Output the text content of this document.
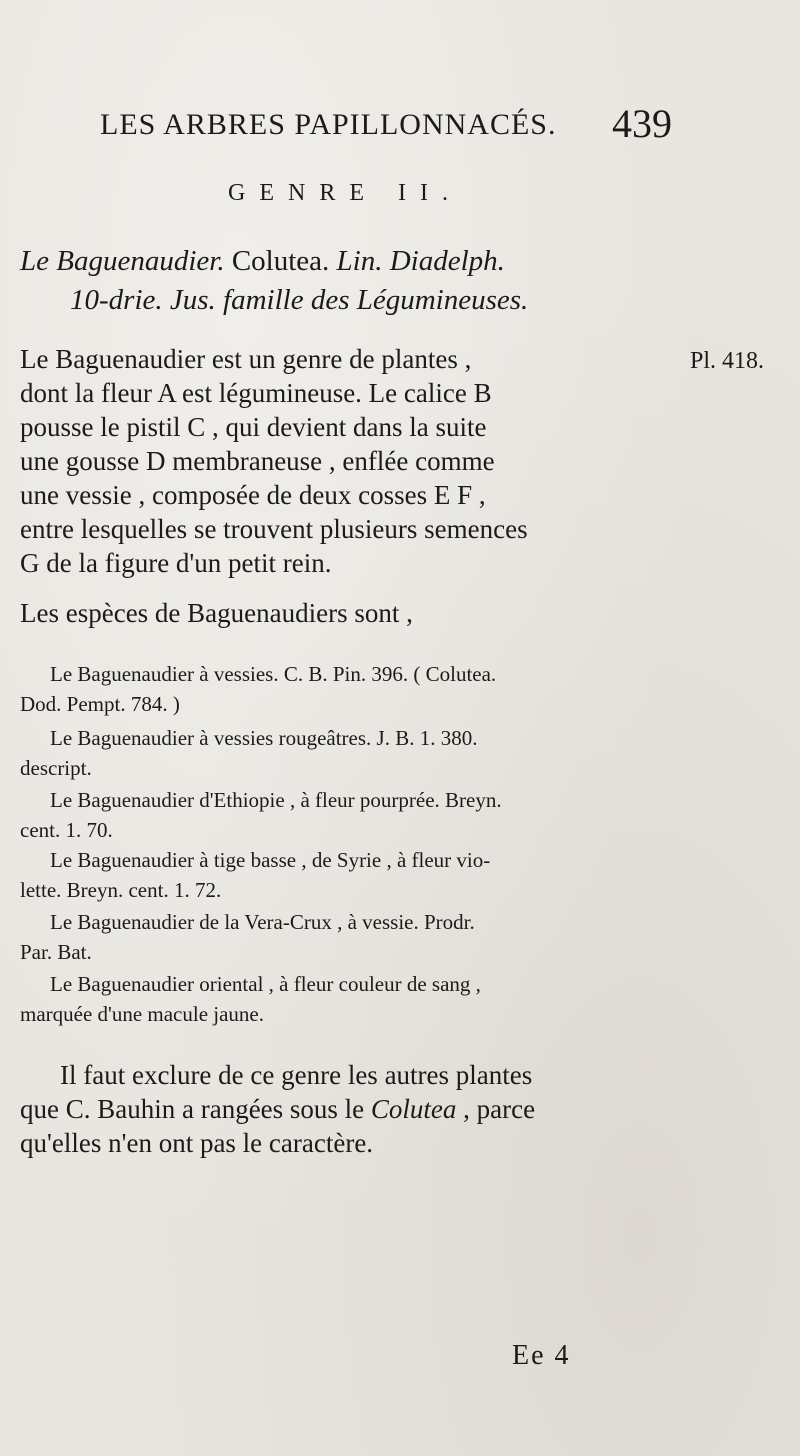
LES ARBRES PAPILLONNACÉS. 439
GENRE II.
Le Baguenaudier. Colutea. Lin. Diadelph.
10-drie. Jus. famille des Légumineuses.
Pl. 418.
Le Baguenaudier est un genre de plantes ,
dont la fleur A est légumineuse. Le calice B
pousse le pistil C , qui devient dans la suite
une gousse D membraneuse , enflée comme
une vessie , composée de deux cosses E F ,
entre lesquelles se trouvent plusieurs semences
G de la figure d'un petit rein.
Les espèces de Baguenaudiers sont ,
Le Baguenaudier à vessies. C. B. Pin. 396. ( Colutea.
Dod. Pempt. 784. )
Le Baguenaudier à vessies rougeâtres. J. B. 1. 380.
descript.
Le Baguenaudier d'Ethiopie , à fleur pourprée. Breyn.
cent. 1. 70.
Le Baguenaudier à tige basse , de Syrie , à fleur vio-
lette. Breyn. cent. 1. 72.
Le Baguenaudier de la Vera-Crux , à vessie. Prodr.
Par. Bat.
Le Baguenaudier oriental , à fleur couleur de sang ,
marquée d'une macule jaune.
Il faut exclure de ce genre les autres plantes
que C. Bauhin a rangées sous le Colutea , parce
qu'elles n'en ont pas le caractère.
Ee 4
